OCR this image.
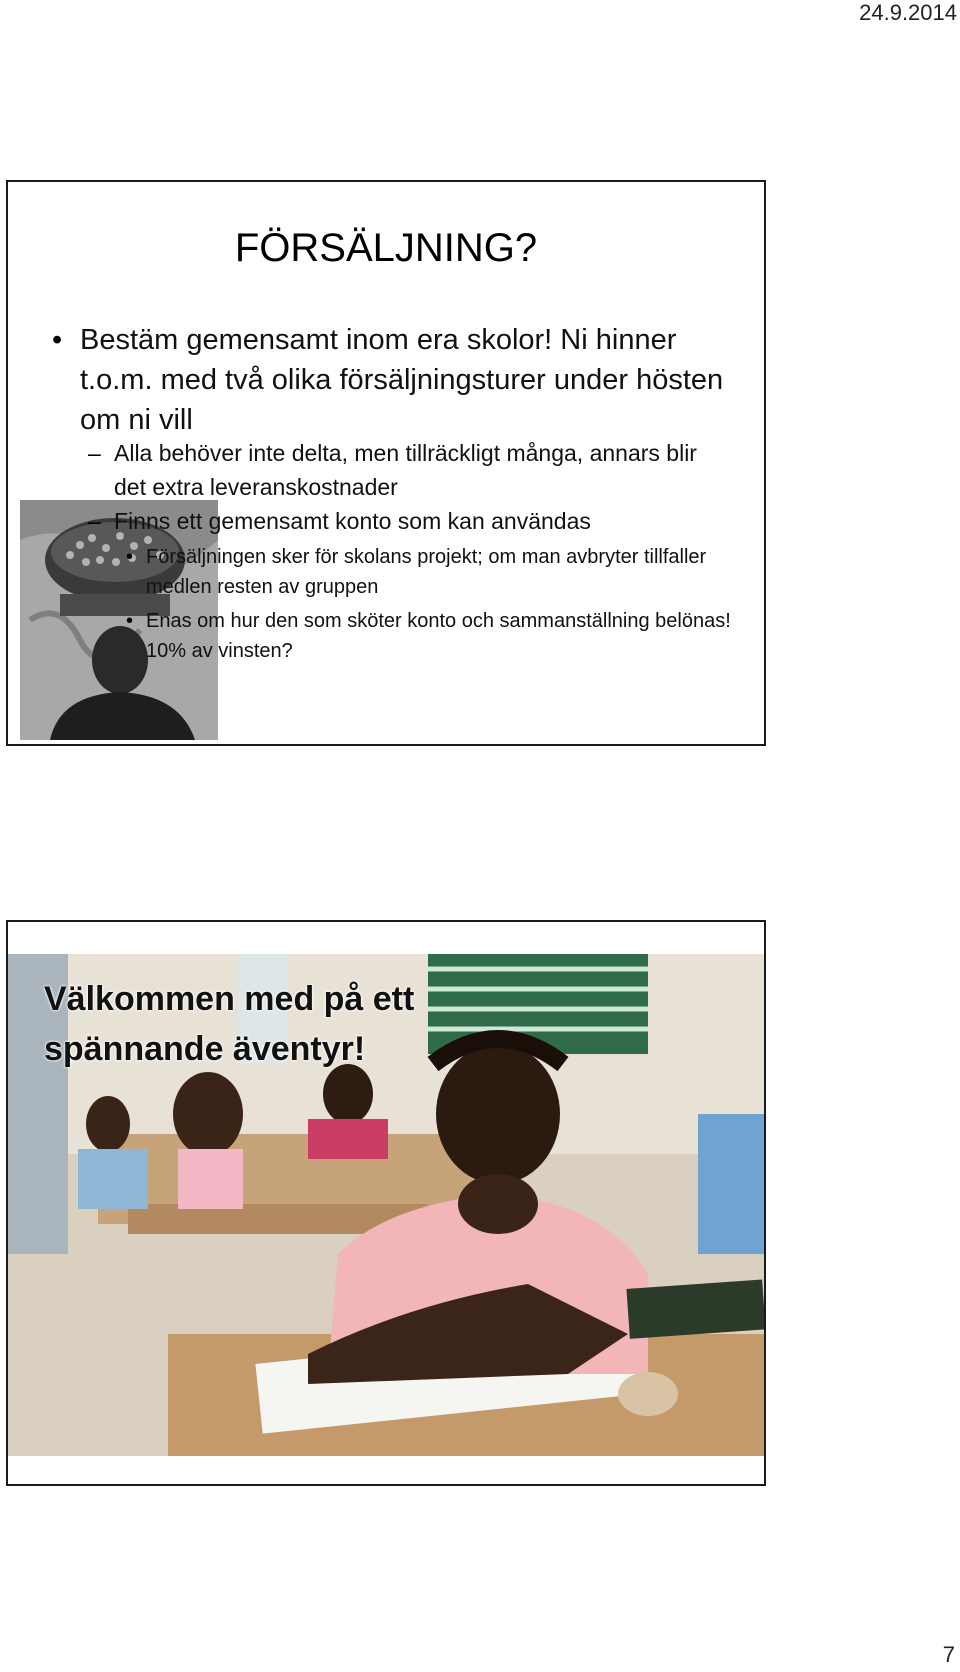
24.9.2014
FÖRSÄLJNING?
• Bestäm gemensamt inom era skolor! Ni hinner t.o.m. med två olika försäljningsturer under hösten om ni vill
– Alla behöver inte delta, men tillräckligt många, annars blir det extra leveranskostnader
– Finns ett gemensamt konto som kan användas
• Försäljningen sker för skolans projekt; om man avbryter tillfaller medlen resten av gruppen
• Enas om hur den som sköter konto och sammanställning belönas! 10% av vinsten?
Välkommen med på ett spännande äventyr!
7
